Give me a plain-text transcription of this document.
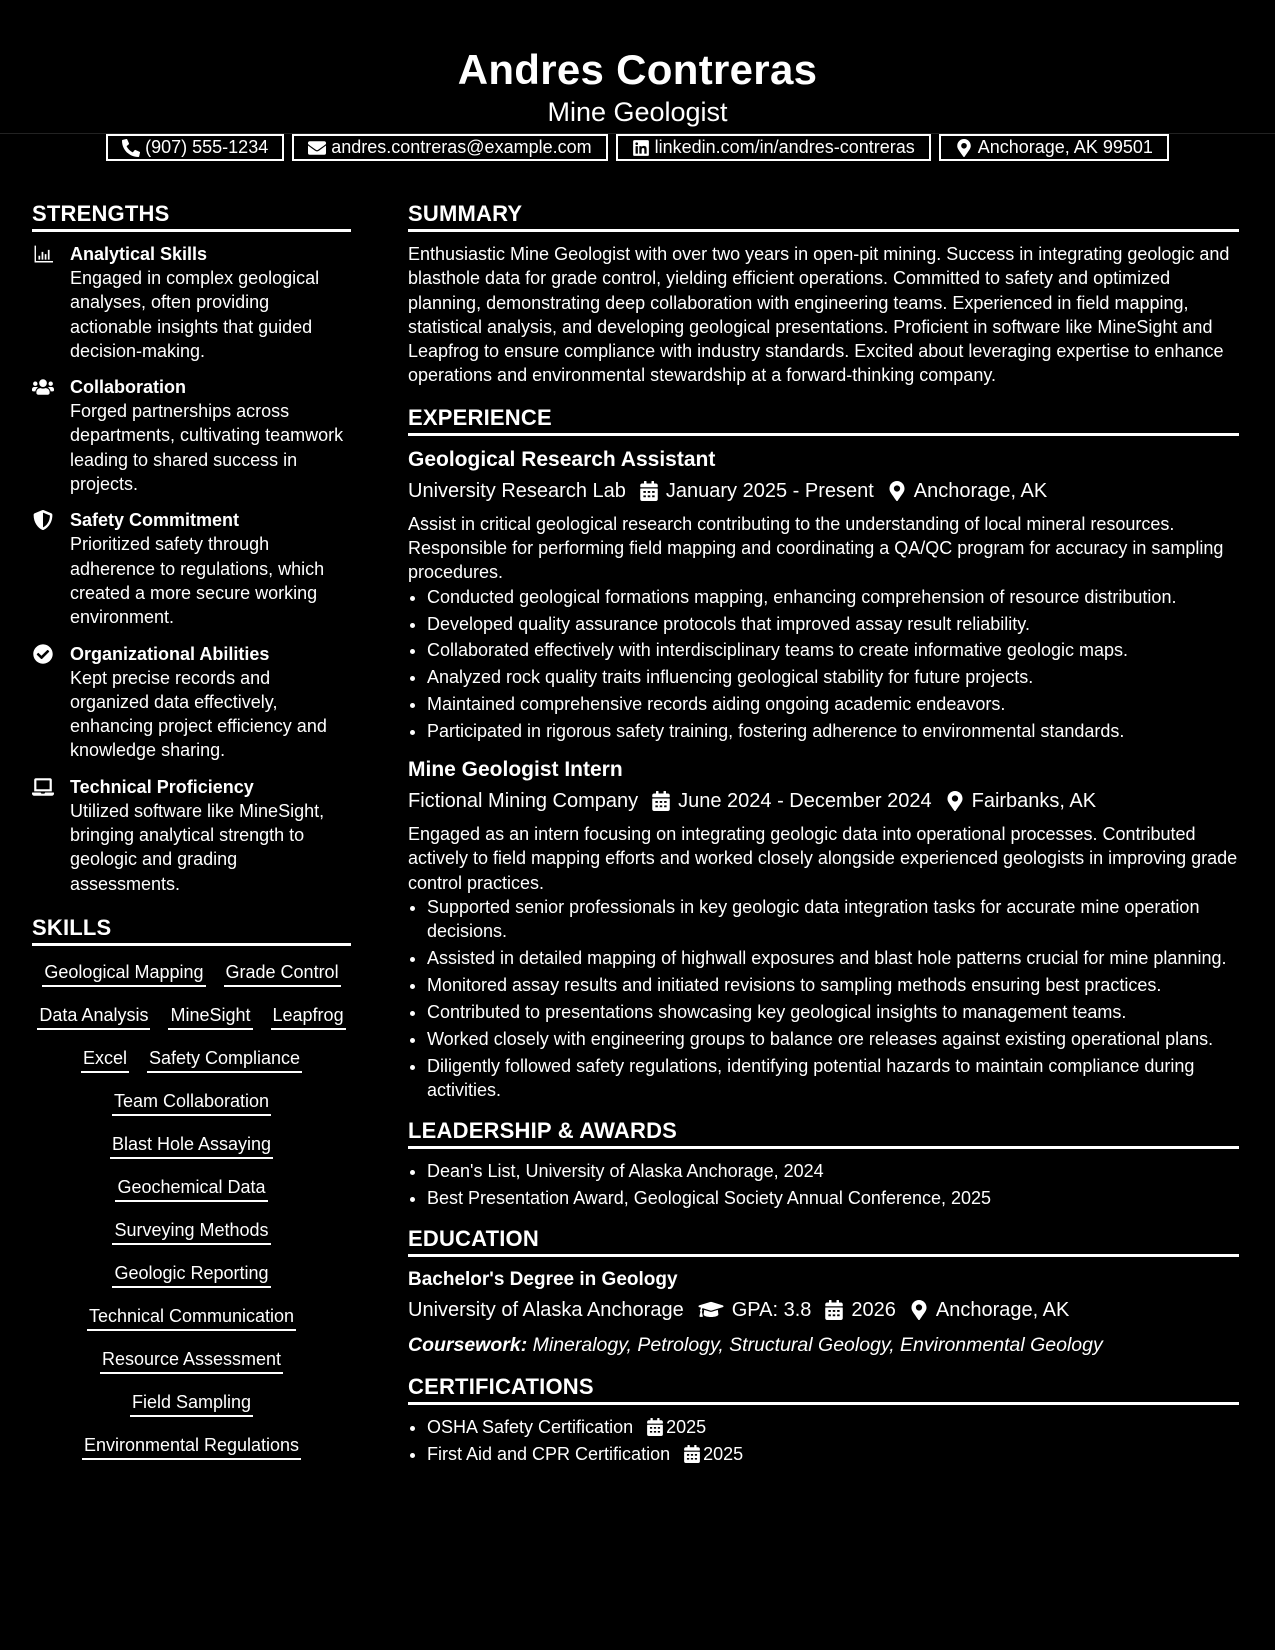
Andres Contreras
Mine Geologist
(907) 555-1234	andres.contreras@example.com	linkedin.com/in/andres-contreras	Anchorage, AK 99501
STRENGTHS
Analytical Skills
Engaged in complex geological analyses, often providing actionable insights that guided decision-making.
Collaboration
Forged partnerships across departments, cultivating teamwork leading to shared success in projects.
Safety Commitment
Prioritized safety through adherence to regulations, which created a more secure working environment.
Organizational Abilities
Kept precise records and organized data effectively, enhancing project efficiency and knowledge sharing.
Technical Proficiency
Utilized software like MineSight, bringing analytical strength to geologic and grading assessments.
SKILLS
Geological Mapping Grade Control
Data Analysis MineSight Leapfrog
Excel Safety Compliance
Team Collaboration
Blast Hole Assaying
Geochemical Data
Surveying Methods
Geologic Reporting
Technical Communication
Resource Assessment
Field Sampling
Environmental Regulations
SUMMARY
Enthusiastic Mine Geologist with over two years in open-pit mining. Success in integrating geologic and blasthole data for grade control, yielding efficient operations. Committed to safety and optimized planning, demonstrating deep collaboration with engineering teams. Experienced in field mapping, statistical analysis, and developing geological presentations. Proficient in software like MineSight and Leapfrog to ensure compliance with industry standards. Excited about leveraging expertise to enhance operations and environmental stewardship at a forward-thinking company.
EXPERIENCE
Geological Research Assistant
University Research Lab January 2025 - Present Anchorage, AK
Assist in critical geological research contributing to the understanding of local mineral resources. Responsible for performing field mapping and coordinating a QA/QC program for accuracy in sampling procedures.
• Conducted geological formations mapping, enhancing comprehension of resource distribution.
• Developed quality assurance protocols that improved assay result reliability.
• Collaborated effectively with interdisciplinary teams to create informative geologic maps.
• Analyzed rock quality traits influencing geological stability for future projects.
• Maintained comprehensive records aiding ongoing academic endeavors.
• Participated in rigorous safety training, fostering adherence to environmental standards.
Mine Geologist Intern
Fictional Mining Company June 2024 - December 2024 Fairbanks, AK
Engaged as an intern focusing on integrating geologic data into operational processes. Contributed actively to field mapping efforts and worked closely alongside experienced geologists in improving grade control practices.
• Supported senior professionals in key geologic data integration tasks for accurate mine operation decisions.
• Assisted in detailed mapping of highwall exposures and blast hole patterns crucial for mine planning.
• Monitored assay results and initiated revisions to sampling methods ensuring best practices.
• Contributed to presentations showcasing key geological insights to management teams.
• Worked closely with engineering groups to balance ore releases against existing operational plans.
• Diligently followed safety regulations, identifying potential hazards to maintain compliance during activities.
LEADERSHIP & AWARDS
• Dean's List, University of Alaska Anchorage, 2024
• Best Presentation Award, Geological Society Annual Conference, 2025
EDUCATION
Bachelor's Degree in Geology
University of Alaska Anchorage GPA: 3.8 2026 Anchorage, AK
Coursework: Mineralogy, Petrology, Structural Geology, Environmental Geology
CERTIFICATIONS
• OSHA Safety Certification 2025
• First Aid and CPR Certification 2025
